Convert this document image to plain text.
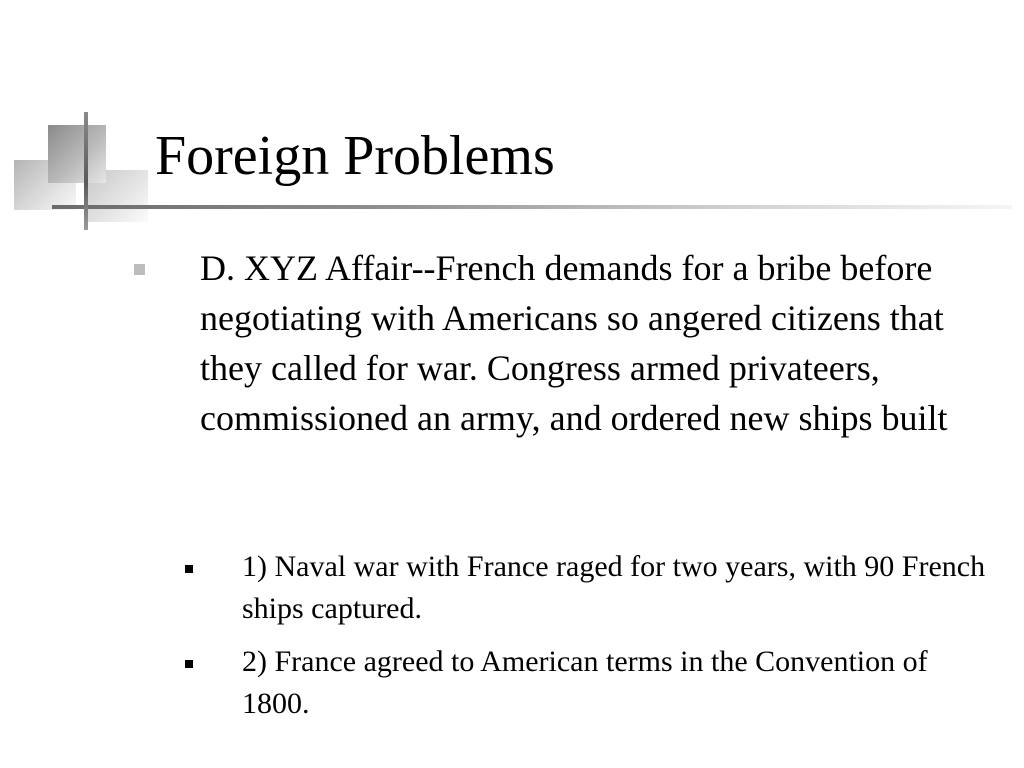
Foreign Problems

D. XYZ Affair--French demands for a bribe before negotiating with Americans so angered citizens that they called for war. Congress armed privateers, commissioned an army, and ordered new ships built

1) Naval war with France raged for two years, with 90 French ships captured.

2) France agreed to American terms in the Convention of 1800.
